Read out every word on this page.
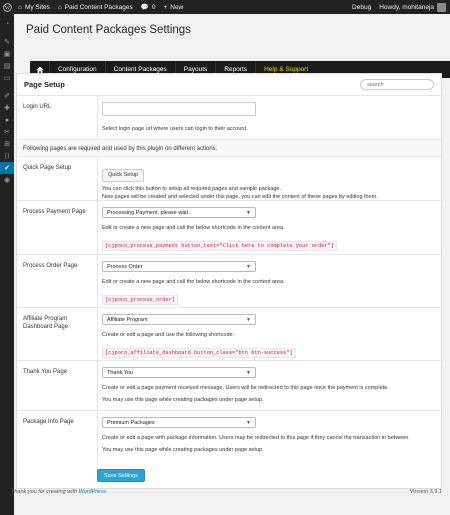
W ⌂ My Sites ⌂ Paid Content Packages 💬 0 + New	Debug Howdy, mohitaneja
◔
✎
▣
▤
▭
✐
✚
●
✂
⊞
⟨⟩
✔
◉
Paid Content Packages Settings
Configuration	Content Packages	Payouts	Reports	Help & Support
Page Setup
search
Login URL
Select login page url where users can login to their account.
Following pages are required and used by this plugin on different actions.
Quick Page Setup
Quick Setup
You can click this button to setup all required pages and sample package.
New pages will be created and selected under this page, you can edit the content of these pages by editing them.
Process Payment Page	Processing Payment, please wait..	▼
Edit or create a new page and call the below shortcode in the content area.
[cjpoco_process_payment button_text="Click here to complete your order"]
Process Order Page	Process Order	▼
Edit or create a new page and call the below shortcode in the content area.
[cjpoco_process_order]
Affiliate Program Dashboard Page
Affiliate Program	▼
Create or edit a page and use the following shortcode:
[cjpoco_affiliate_dashboard button_class="btn btn-success"]
Thank You Page	Thank You	▼
Create or edit a page payment received message. Users will be redirected to this page once the payment is complete.
You may use this page while creating packages under page setup.
Package Info Page	Premium Packages	▼
Create or edit a page with package information. Users may be redirected to this page if they cancel the transaction in between.
You may use this page while creating packages under page setup.
Save Settings
Thank you for creating with WordPress.	Version 3.9.1
